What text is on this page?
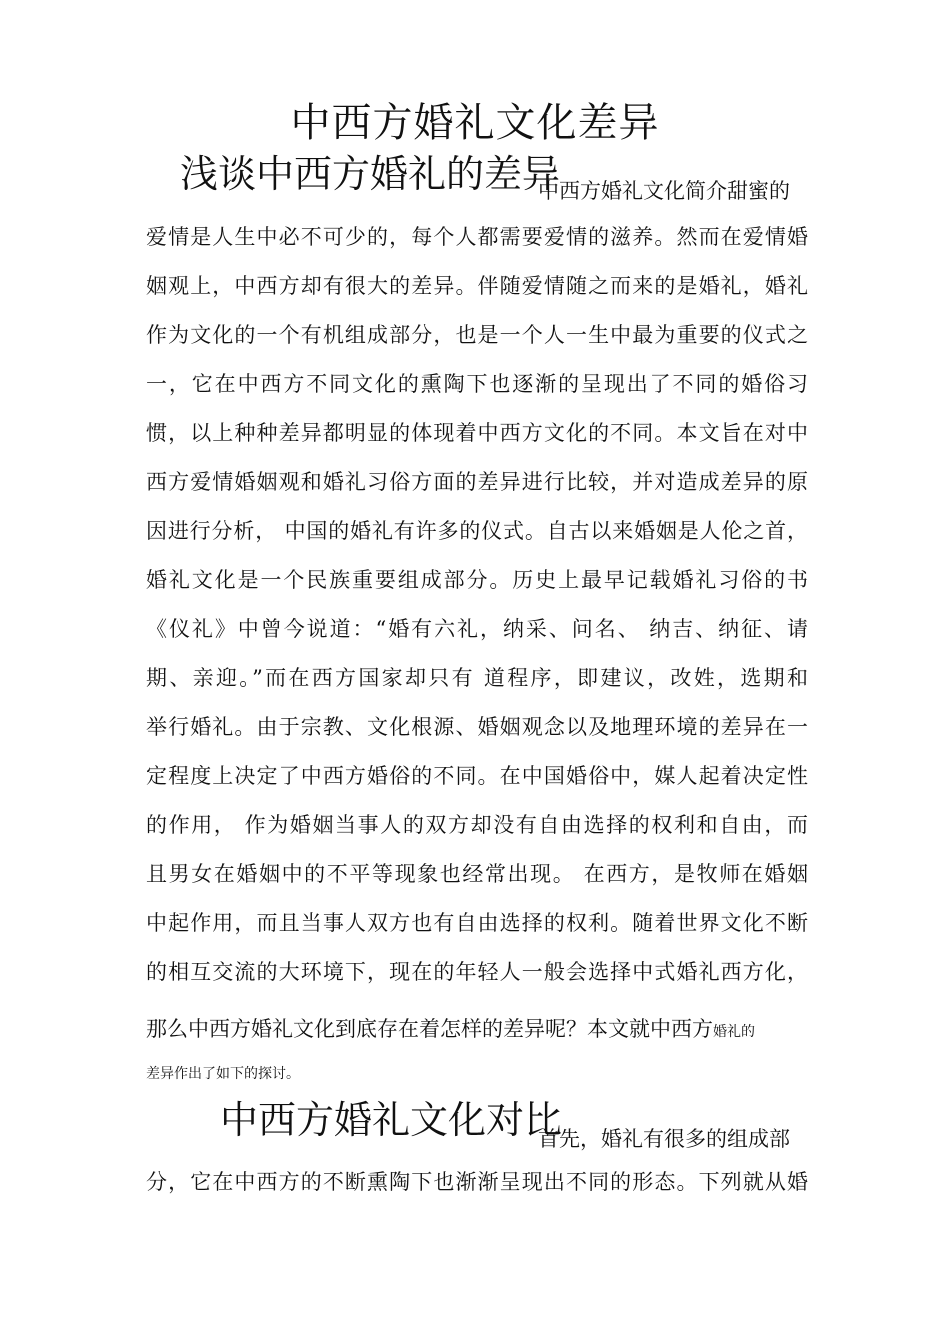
中西方婚礼文化差异
浅谈中西方婚礼的差异
中西方婚礼文化简介甜蜜的
爱情是人生中必不可少的，每个人都需要爱情的滋养。然而在爱情婚
姻观上，中西方却有很大的差异。伴随爱情随之而来的是婚礼，婚礼
作为文化的一个有机组成部分，也是一个人一生中最为重要的仪式之
一，它在中西方不同文化的熏陶下也逐渐的呈现出了不同的婚俗习
惯，以上种种差异都明显的体现着中西方文化的不同。本文旨在对中
西方爱情婚姻观和婚礼习俗方面的差异进行比较，并对造成差异的原
因进行分析， 中国的婚礼有许多的仪式。自古以来婚姻是人伦之首，
婚礼文化是一个民族重要组成部分。历史上最早记载婚礼习俗的书
《仪礼》中曾今说道：“婚有六礼，纳采、问名、 纳吉、纳征、请
期、亲迎。”而在西方国家却只有 道程序，即建议，改姓，选期和
举行婚礼。由于宗教、文化根源、婚姻观念以及地理环境的差异在一
定程度上决定了中西方婚俗的不同。在中国婚俗中，媒人起着决定性
的作用， 作为婚姻当事人的双方却没有自由选择的权利和自由，而
且男女在婚姻中的不平等现象也经常出现。 在西方，是牧师在婚姻
中起作用，而且当事人双方也有自由选择的权利。随着世界文化不断
的相互交流的大环境下，现在的年轻人一般会选择中式婚礼西方化，
那么中西方婚礼文化到底存在着怎样的差异呢？本文就中西方婚礼的
差异作出了如下的探讨。
中西方婚礼文化对比
首先，婚礼有很多的组成部
分，它在中西方的不断熏陶下也渐渐呈现出不同的形态。下列就从婚
